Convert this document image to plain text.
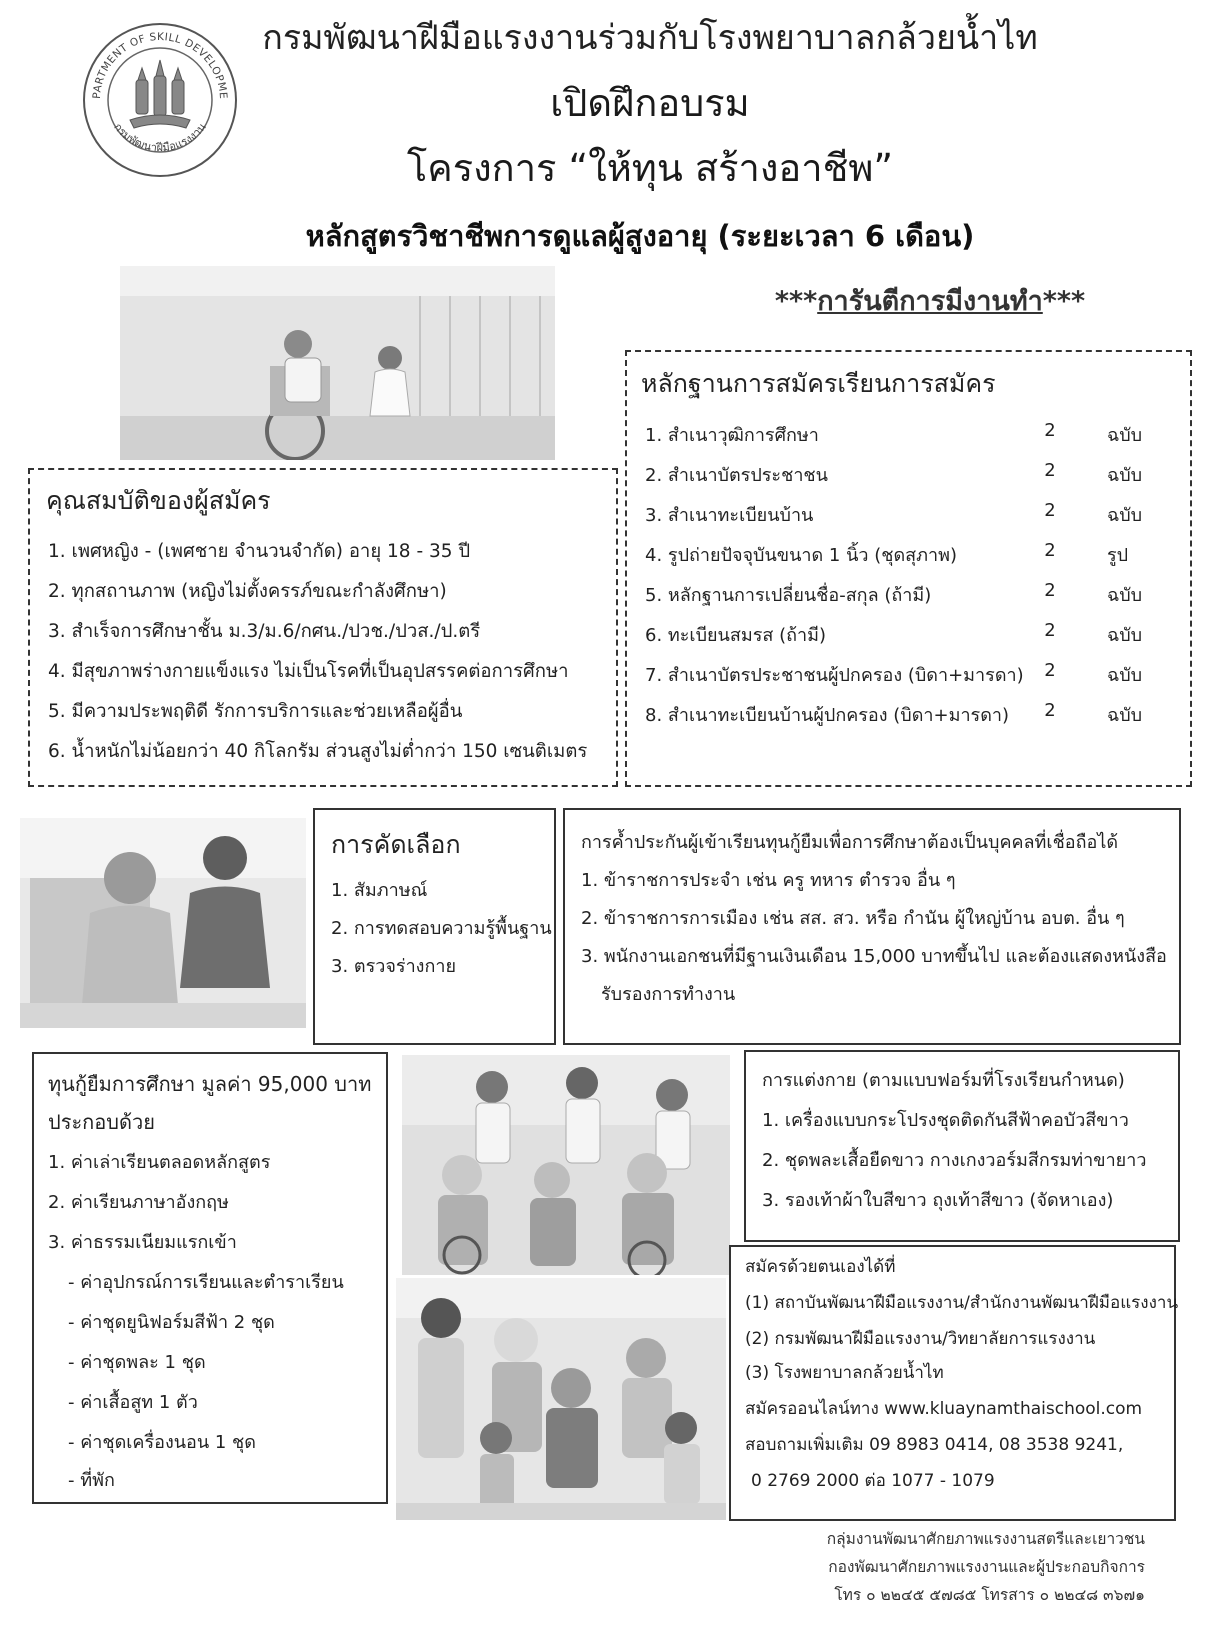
PARTMENT OF SKILL DEVELOPME
กรมพัฒนาฝีมือแรงงาน
กรมพัฒนาฝีมือแรงงานร่วมกับโรงพยาบาลกล้วยน้ำไท
เปิดฝึกอบรม
โครงการ “ให้ทุน สร้างอาชีพ”
หลักสูตรวิชาชีพการดูแลผู้สูงอายุ (ระยะเวลา 6 เดือน)
***การันตีการมีงานทำ***
หลักฐานการสมัครเรียนการสมัคร
1. สำเนาวุฒิการศึกษา	2	ฉบับ
2. สำเนาบัตรประชาชน	2	ฉบับ
3. สำเนาทะเบียนบ้าน	2	ฉบับ
4. รูปถ่ายปัจจุบันขนาด 1 นิ้ว (ชุดสุภาพ)	2	รูป
5. หลักฐานการเปลี่ยนชื่อ-สกุล (ถ้ามี)	2	ฉบับ
6. ทะเบียนสมรส (ถ้ามี)	2	ฉบับ
7. สำเนาบัตรประชาชนผู้ปกครอง (บิดา+มารดา) 2	ฉบับ
8. สำเนาทะเบียนบ้านผู้ปกครอง (บิดา+มารดา) 2	ฉบับ
คุณสมบัติของผู้สมัคร
1. เพศหญิง - (เพศชาย จำนวนจำกัด) อายุ 18 - 35 ปี
2. ทุกสถานภาพ (หญิงไม่ตั้งครรภ์ขณะกำลังศึกษา)
3. สำเร็จการศึกษาชั้น ม.3/ม.6/กศน./ปวช./ปวส./ป.ตรี
4. มีสุขภาพร่างกายแข็งแรง ไม่เป็นโรคที่เป็นอุปสรรคต่อการศึกษา
5. มีความประพฤติดี รักการบริการและช่วยเหลือผู้อื่น
6. น้ำหนักไม่น้อยกว่า 40 กิโลกรัม ส่วนสูงไม่ต่ำกว่า 150 เซนติเมตร
การคัดเลือก
1. สัมภาษณ์
2. การทดสอบความรู้พื้นฐาน
3. ตรวจร่างกาย
การค้ำประกันผู้เข้าเรียนทุนกู้ยืมเพื่อการศึกษาต้องเป็นบุคคลที่เชื่อถือได้
1. ข้าราชการประจำ เช่น ครู ทหาร ตำรวจ อื่น ๆ
2. ข้าราชการการเมือง เช่น สส. สว. หรือ กำนัน ผู้ใหญ่บ้าน อบต. อื่น ๆ
3. พนักงานเอกชนที่มีฐานเงินเดือน 15,000 บาทขึ้นไป และต้องแสดงหนังสือ
รับรองการทำงาน
ทุนกู้ยืมการศึกษา มูลค่า 95,000 บาท
ประกอบด้วย
1. ค่าเล่าเรียนตลอดหลักสูตร
2. ค่าเรียนภาษาอังกฤษ
3. ค่าธรรมเนียมแรกเข้า
- ค่าอุปกรณ์การเรียนและตำราเรียน
- ค่าชุดยูนิฟอร์มสีฟ้า 2 ชุด
- ค่าชุดพละ 1 ชุด
- ค่าเสื้อสูท 1 ตัว
- ค่าชุดเครื่องนอน 1 ชุด
- ที่พัก
การแต่งกาย (ตามแบบฟอร์มที่โรงเรียนกำหนด)
1. เครื่องแบบกระโปรงชุดติดกันสีฟ้าคอบัวสีขาว
2. ชุดพละเสื้อยืดขาว กางเกงวอร์มสีกรมท่าขายาว
3. รองเท้าผ้าใบสีขาว ถุงเท้าสีขาว (จัดหาเอง)
สมัครด้วยตนเองได้ที่
(1) สถาบันพัฒนาฝีมือแรงงาน/สำนักงานพัฒนาฝีมือแรงงาน
(2) กรมพัฒนาฝีมือแรงงาน/วิทยาลัยการแรงงาน
(3) โรงพยาบาลกล้วยน้ำไท
สมัครออนไลน์ทาง www.kluaynamthaischool.com
สอบถามเพิ่มเติม 09 8983 0414, 08 3538 9241,
0 2769 2000 ต่อ 1077 - 1079
กลุ่มงานพัฒนาศักยภาพแรงงานสตรีและเยาวชน
กองพัฒนาศักยภาพแรงงานและผู้ประกอบกิจการ
โทร ๐ ๒๒๔๕ ๕๗๘๕ โทรสาร ๐ ๒๒๔๘ ๓๖๗๑
